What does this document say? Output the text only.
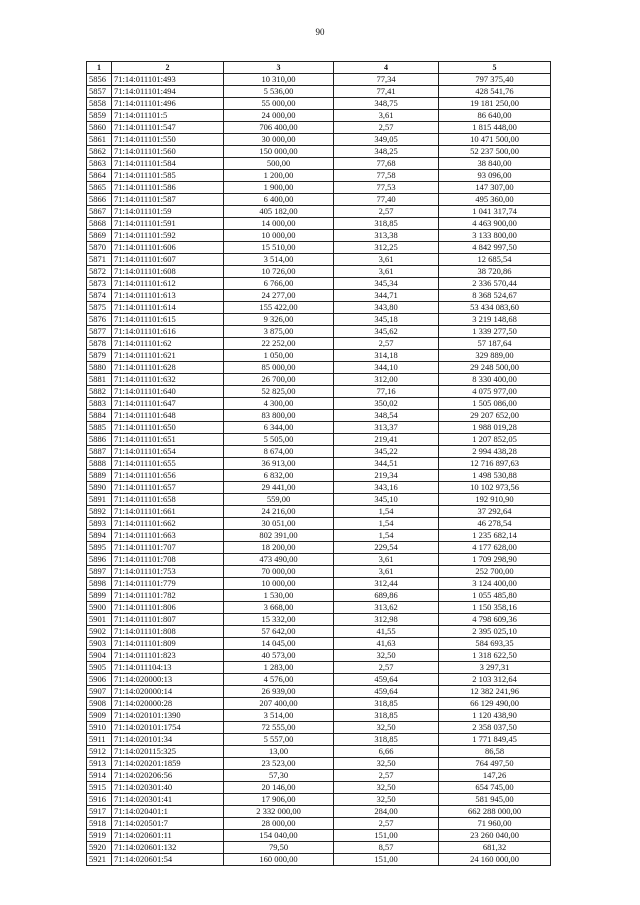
90
1	2	3	4	5
5856	71:14:011101:493	10 310,00	77,34	797 375,40
5857	71:14:011101:494	5 536,00	77,41	428 541,76
5858	71:14:011101:496	55 000,00	348,75	19 181 250,00
5859	71:14:011101:5	24 000,00	3,61	86 640,00
5860	71:14:011101:547	706 400,00	2,57	1 815 448,00
5861	71:14:011101:550	30 000,00	349,05	10 471 500,00
5862	71:14:011101:560	150 000,00	348,25	52 237 500,00
5863	71:14:011101:584	500,00	77,68	38 840,00
5864	71:14:011101:585	1 200,00	77,58	93 096,00
5865	71:14:011101:586	1 900,00	77,53	147 307,00
5866	71:14:011101:587	6 400,00	77,40	495 360,00
5867	71:14:011101:59	405 182,00	2,57	1 041 317,74
5868	71:14:011101:591	14 000,00	318,85	4 463 900,00
5869	71:14:011101:592	10 000,00	313,38	3 133 800,00
5870	71:14:011101:606	15 510,00	312,25	4 842 997,50
5871	71:14:011101:607	3 514,00	3,61	12 685,54
5872	71:14:011101:608	10 726,00	3,61	38 720,86
5873	71:14:011101:612	6 766,00	345,34	2 336 570,44
5874	71:14:011101:613	24 277,00	344,71	8 368 524,67
5875	71:14:011101:614	155 422,00	343,80	53 434 083,60
5876	71:14:011101:615	9 326,00	345,18	3 219 148,68
5877	71:14:011101:616	3 875,00	345,62	1 339 277,50
5878	71:14:011101:62	22 252,00	2,57	57 187,64
5879	71:14:011101:621	1 050,00	314,18	329 889,00
5880	71:14:011101:628	85 000,00	344,10	29 248 500,00
5881	71:14:011101:632	26 700,00	312,00	8 330 400,00
5882	71:14:011101:640	52 825,00	77,16	4 075 977,00
5883	71:14:011101:647	4 300,00	350,02	1 505 086,00
5884	71:14:011101:648	83 800,00	348,54	29 207 652,00
5885	71:14:011101:650	6 344,00	313,37	1 988 019,28
5886	71:14:011101:651	5 505,00	219,41	1 207 852,05
5887	71:14:011101:654	8 674,00	345,22	2 994 438,28
5888	71:14:011101:655	36 913,00	344,51	12 716 897,63
5889	71:14:011101:656	6 832,00	219,34	1 498 530,88
5890	71:14:011101:657	29 441,00	343,16	10 102 973,56
5891	71:14:011101:658	559,00	345,10	192 910,90
5892	71:14:011101:661	24 216,00	1,54	37 292,64
5893	71:14:011101:662	30 051,00	1,54	46 278,54
5894	71:14:011101:663	802 391,00	1,54	1 235 682,14
5895	71:14:011101:707	18 200,00	229,54	4 177 628,00
5896	71:14:011101:708	473 490,00	3,61	1 709 298,90
5897	71:14:011101:753	70 000,00	3,61	252 700,00
5898	71:14:011101:779	10 000,00	312,44	3 124 400,00
5899	71:14:011101:782	1 530,00	689,86	1 055 485,80
5900	71:14:011101:806	3 668,00	313,62	1 150 358,16
5901	71:14:011101:807	15 332,00	312,98	4 798 609,36
5902	71:14:011101:808	57 642,00	41,55	2 395 025,10
5903	71:14:011101:809	14 045,00	41,63	584 693,35
5904	71:14:011101:823	40 573,00	32,50	1 318 622,50
5905	71:14:011104:13	1 283,00	2,57	3 297,31
5906	71:14:020000:13	4 576,00	459,64	2 103 312,64
5907	71:14:020000:14	26 939,00	459,64	12 382 241,96
5908	71:14:020000:28	207 400,00	318,85	66 129 490,00
5909	71:14:020101:1390	3 514,00	318,85	1 120 438,90
5910	71:14:020101:1754	72 555,00	32,50	2 358 037,50
5911	71:14:020101:34	5 557,00	318,85	1 771 849,45
5912	71:14:020115:325	13,00	6,66	86,58
5913	71:14:020201:1859	23 523,00	32,50	764 497,50
5914	71:14:020206:56	57,30	2,57	147,26
5915	71:14:020301:40	20 146,00	32,50	654 745,00
5916	71:14:020301:41	17 906,00	32,50	581 945,00
5917	71:14:020401:1	2 332 000,00	284,00	662 288 000,00
5918	71:14:020501:7	28 000,00	2,57	71 960,00
5919	71:14:020601:11	154 040,00	151,00	23 260 040,00
5920	71:14:020601:132	79,50	8,57	681,32
5921	71:14:020601:54	160 000,00	151,00	24 160 000,00
